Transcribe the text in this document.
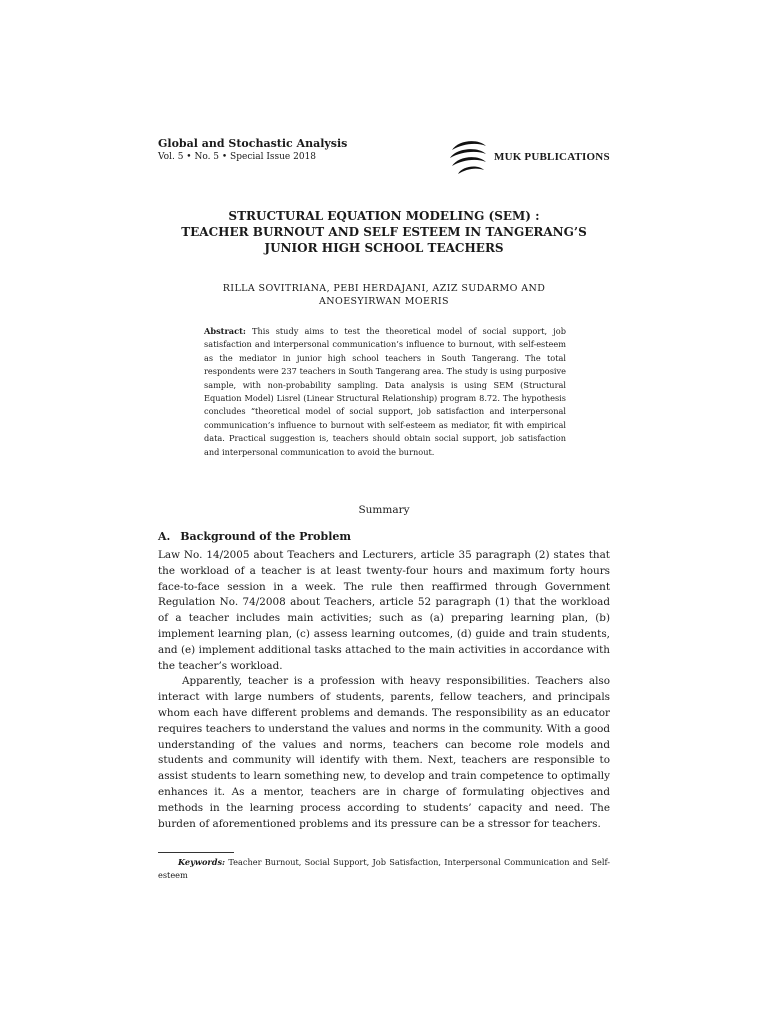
Global and Stochastic Analysis
Vol. 5 • No. 5 • Special Issue 2018	MUK PUBLICATIONS
STRUCTURAL EQUATION MODELING (SEM) :
TEACHER BURNOUT AND SELF ESTEEM IN TANGERANG’S
JUNIOR HIGH SCHOOL TEACHERS
RILLA SOVITRIANA, PEBI HERDAJANI, AZIZ SUDARMO AND
ANOESYIRWAN MOERIS
Abstract: This study aims to test the theoretical model of social support, job satisfaction and interpersonal communication’s influence to burnout, with self-esteem as the mediator in junior high school teachers in South Tangerang. The total respondents were 237 teachers in South Tangerang area. The study is using purposive sample, with non-probability sampling. Data analysis is using SEM (Structural Equation Model) Lisrel (Linear Structural Relationship) program 8.72. The hypothesis concludes “theoretical model of social support, job satisfaction and interpersonal communication’s influence to burnout with self-esteem as mediator, fit with empirical data. Practical suggestion is, teachers should obtain social support, job satisfaction and interpersonal communication to avoid the burnout.
Summary
A. Background of the Problem

Law No. 14/2005 about Teachers and Lecturers, article 35 paragraph (2) states that the workload of a teacher is at least twenty-four hours and maximum forty hours face-to-face session in a week. The rule then reaffirmed through Government Regulation No. 74/2008 about Teachers, article 52 paragraph (1) that the workload of a teacher includes main activities; such as (a) preparing learning plan, (b) implement learning plan, (c) assess learning outcomes, (d) guide and train students, and (e) implement additional tasks attached to the main activities in accordance with the teacher’s workload.

Apparently, teacher is a profession with heavy responsibilities. Teachers also interact with large numbers of students, parents, fellow teachers, and principals whom each have different problems and demands. The responsibility as an educator requires teachers to understand the values and norms in the community. With a good understanding of the values and norms, teachers can become role models and students and community will identify with them. Next, teachers are responsible to assist students to learn something new, to develop and train competence to optimally enhances it. As a mentor, teachers are in charge of formulating objectives and methods in the learning process according to students’ capacity and need. The burden of aforementioned problems and its pressure can be a stressor for teachers.

Keywords: Teacher Burnout, Social Support, Job Satisfaction, Interpersonal Communication and Self-esteem
